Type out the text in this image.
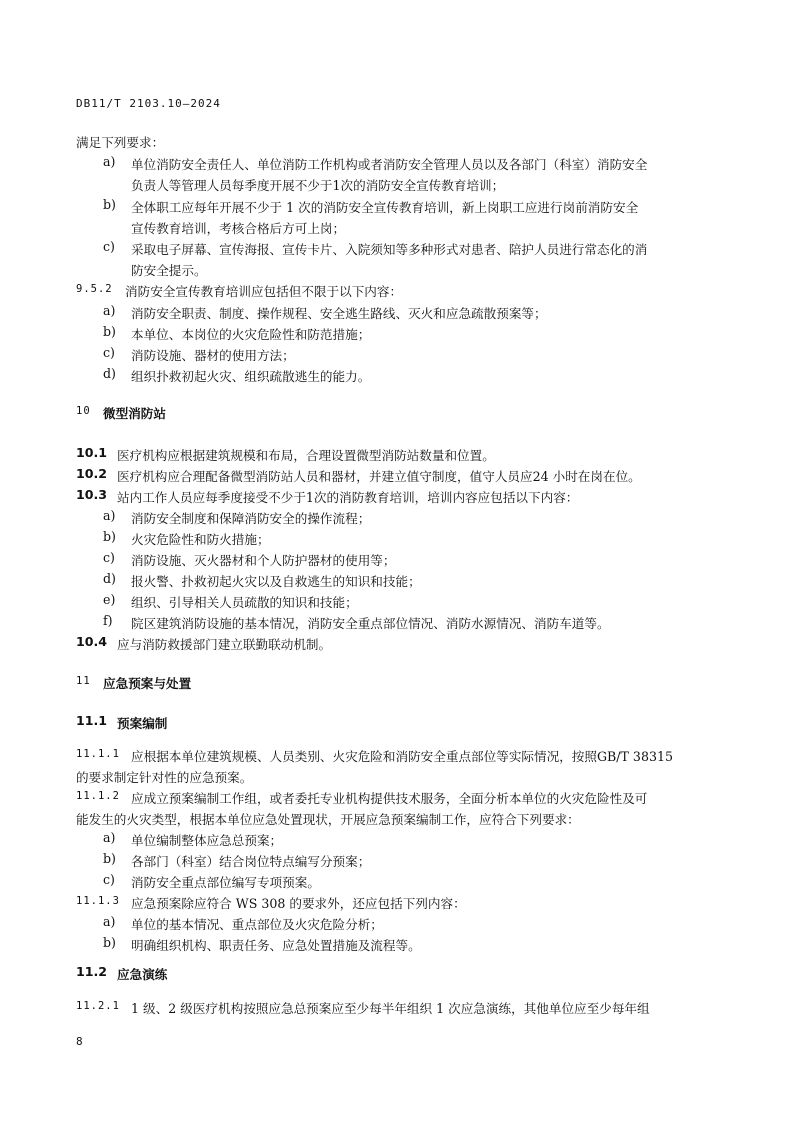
DB11/T 2103.10—2024
满足下列要求：
a) 单位消防安全责任人、单位消防工作机构或者消防安全管理人员以及各部门（科室）消防安全
负责人等管理人员每季度开展不少于1次的消防安全宣传教育培训；
b) 全体职工应每年开展不少于 1 次的消防安全宣传教育培训，新上岗职工应进行岗前消防安全
宣传教育培训，考核合格后方可上岗；
c) 采取电子屏幕、宣传海报、宣传卡片、入院须知等多种形式对患者、陪护人员进行常态化的消
防安全提示。
9.5.2 消防安全宣传教育培训应包括但不限于以下内容：
a) 消防安全职责、制度、操作规程、安全逃生路线、灭火和应急疏散预案等；
b) 本单位、本岗位的火灾危险性和防范措施；
c) 消防设施、器材的使用方法；
d) 组织扑救初起火灾、组织疏散逃生的能力。
10 微型消防站
10.1 医疗机构应根据建筑规模和布局，合理设置微型消防站数量和位置。
10.2 医疗机构应合理配备微型消防站人员和器材，并建立值守制度，值守人员应24 小时在岗在位。
10.3 站内工作人员应每季度接受不少于1次的消防教育培训，培训内容应包括以下内容：
a) 消防安全制度和保障消防安全的操作流程；
b) 火灾危险性和防火措施；
c) 消防设施、灭火器材和个人防护器材的使用等；
d) 报火警、扑救初起火灾以及自救逃生的知识和技能；
e) 组织、引导相关人员疏散的知识和技能；
f) 院区建筑消防设施的基本情况，消防安全重点部位情况、消防水源情况、消防车道等。
10.4 应与消防救援部门建立联勤联动机制。
11 应急预案与处置
11.1 预案编制
11.1.1 应根据本单位建筑规模、人员类别、火灾危险和消防安全重点部位等实际情况，按照GB/T 38315
的要求制定针对性的应急预案。
11.1.2 应成立预案编制工作组，或者委托专业机构提供技术服务，全面分析本单位的火灾危险性及可
能发生的火灾类型，根据本单位应急处置现状，开展应急预案编制工作，应符合下列要求：
a) 单位编制整体应急总预案；
b) 各部门（科室）结合岗位特点编写分预案；
c) 消防安全重点部位编写专项预案。
11.1.3 应急预案除应符合 WS 308 的要求外，还应包括下列内容：
a) 单位的基本情况、重点部位及火灾危险分析；
b) 明确组织机构、职责任务、应急处置措施及流程等。
11.2 应急演练
11.2.1 1 级、2 级医疗机构按照应急总预案应至少每半年组织 1 次应急演练，其他单位应至少每年组
8
